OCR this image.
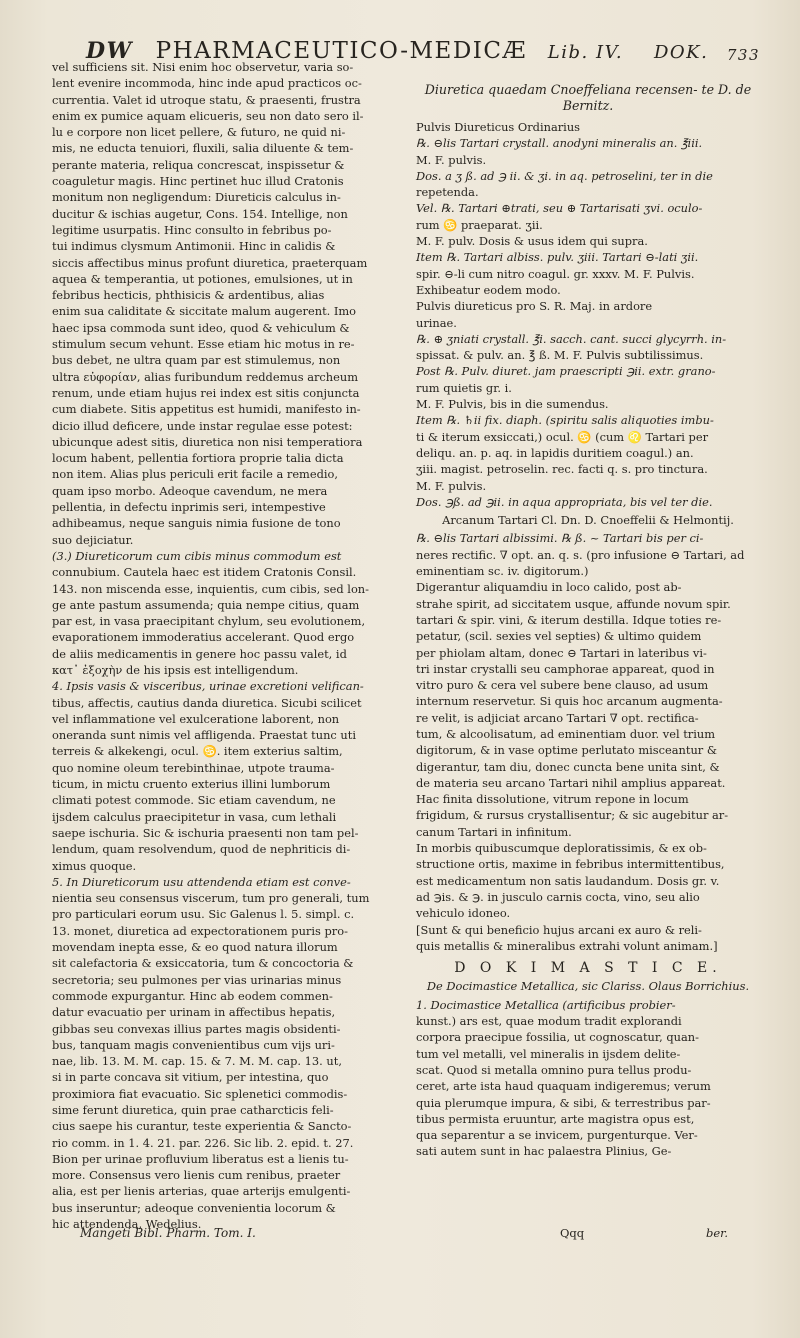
DW PHARMACEUTICO-MEDICÆ Lib. IV. DOK. 733

vel sufficiens sit. Nisi enim hoc observetur, varia so-

lent evenire incommoda, hinc inde apud practicos oc-

currentia. Valet id utroque statu, & praesenti, frustra

enim ex pumice aquam elicueris, seu non dato sero il-

lu e corpore non licet pellere, & futuro, ne quid ni-

mis, ne educta tenuiori, fluxili, salia diluente & tem-

perante materia, reliqua concrescat, inspissetur &

coaguletur magis. Hinc pertinet huc illud Cratonis

monitum non negligendum: Diureticis calculus in-

ducitur & ischias augetur, Cons. 154. Intellige, non

legitime usurpatis. Hinc consulto in febribus po-

tui indimus clysmum Antimonii. Hinc in calidis &

siccis affectibus minus profunt diuretica, praeterquam

aquea & temperantia, ut potiones, emulsiones, ut in

febribus hecticis, phthisicis & ardentibus, alias

enim sua caliditate & siccitate malum augerent. Imo

haec ipsa commoda sunt ideo, quod & vehiculum &

stimulum secum vehunt. Esse etiam hic motus in re-

bus debet, ne ultra quam par est stimulemus, non

ultra εὐφορίαν, alias furibundum reddemus archeum

renum, unde etiam hujus rei index est sitis conjuncta

cum diabete. Sitis appetitus est humidi, manifesto in-

dicio illud deficere, unde instar regulae esse potest:

ubicunque adest sitis, diuretica non nisi temperatiora

locum habent, pellentia fortiora proprie talia dicta

non item. Alias plus periculi erit facile a remedio,

quam ipso morbo. Adeoque cavendum, ne mera

pellentia, in defectu inprimis seri, intempestive

adhibeamus, neque sanguis nimia fusione de tono

suo dejiciatur.

(3.) Diureticorum cum cibis minus commodum est

connubium. Cautela haec est itidem Cratonis Consil.

143. non miscenda esse, inquientis, cum cibis, sed lon-

ge ante pastum assumenda; quia nempe citius, quam

par est, in vasa praecipitant chylum, seu evolutionem,

evaporationem immoderatius accelerant. Quod ergo

de aliis medicamentis in genere hoc passu valet, id

κατ᾽ ἐξοχὴν de his ipsis est intelligendum.

4. Ipsis vasis & visceribus, urinae excretioni velifican-

tibus, affectis, cautius danda diuretica. Sicubi scilicet

vel inflammatione vel exulceratione laborent, non

oneranda sunt nimis vel affligenda. Praestat tunc uti

terreis & alkekengi, ocul. ♋. item exterius saltim,

quo nomine oleum terebinthinae, utpote trauma-

ticum, in mictu cruento exterius illini lumborum

climati potest commode. Sic etiam cavendum, ne

ijsdem calculus praecipitetur in vasa, cum lethali

saepe ischuria. Sic & ischuria praesenti non tam pel-

lendum, quam resolvendum, quod de nephriticis di-

ximus quoque.

5. In Diureticorum usu attendenda etiam est conve-

nientia seu consensus viscerum, tum pro generali, tum

pro particulari eorum usu. Sic Galenus l. 5. simpl. c.

13. monet, diuretica ad expectorationem puris pro-

movendam inepta esse, & eo quod natura illorum

sit calefactoria & exsiccatoria, tum & concoctoria &

secretoria; seu pulmones per vias urinarias minus

commode expurgantur. Hinc ab eodem commen-

datur evacuatio per urinam in affectibus hepatis,

gibbas seu convexas illius partes magis obsidenti-

bus, tanquam magis convenientibus cum vijs uri-

nae, lib. 13. M. M. cap. 15. & 7. M. M. cap. 13. ut,

si in parte concava sit vitium, per intestina, quo

proximiora fiat evacuatio. Sic splenetici commodis-

sime ferunt diuretica, quin prae catharcticis feli-

cius saepe his curantur, teste experientia & Sancto-

rio comm. in 1. 4. 21. par. 226. Sic lib. 2. epid. t. 27.

Bion per urinae profluvium liberatus est a lienis tu-

more. Consensus vero lienis cum renibus, praeter

alia, est per lienis arterias, quae arterijs emulgenti-

bus inseruntur; adeoque convenientia locorum &

hic attendenda, Wedelius.

Mangeti Bibl. Pharm. Tom. I.
Diuretica quaedam Cnoeffeliana recensen- te D. de Bernitz.

Pulvis Diureticus Ordinarius

℞. ⊖lis Tartari crystall. anodyni mineralis an. ℥iii.

M. F. pulvis.

Dos. a ʒ ß. ad ℈ ii. & ʒi. in aq. petroselini, ter in die

repetenda.

Vel. ℞. Tartari ⊕trati, seu ⊕ Tartarisati ʒvi. oculo-

rum ♋ praeparat. ʒii.

M. F. pulv. Dosis & usus idem qui supra.

Item ℞. Tartari albiss. pulv. ʒiii. Tartari ⊖-lati ʒii.

spir. ⊖-li cum nitro coagul. gr. xxxv. M. F. Pulvis.

Exhibeatur eodem modo.

Pulvis diureticus pro S. R. Maj. in ardore

urinae.

℞. ⊕ ʒniati crystall. ℥i. sacch. cant. succi glycyrrh. in-

spissat. & pulv. an. ℥ ß. M. F. Pulvis subtilissimus.

Post ℞. Pulv. diuret. jam praescripti ℈ii. extr. grano-

rum quietis gr. i.

M. F. Pulvis, bis in die sumendus.

Item ℞. ♄ii fix. diaph. (spiritu salis aliquoties imbu-

ti & iterum exsiccati,) ocul. ♋ (cum ♌ Tartari per

deliqu. an. p. aq. in lapidis duritiem coagul.) an.

ʒiii. magist. petroselin. rec. facti q. s. pro tinctura.

M. F. pulvis.

Dos. ℈ß. ad ℈ii. in aqua appropriata, bis vel ter die.

Arcanum Tartari Cl. Dn. D. Cnoeffelii & Helmontij.

℞. ⊖lis Tartari albissimi. ℞ ß. ~ Tartari bis per ci-

neres rectific. ∇ opt. an. q. s. (pro infusione ⊖ Tartari, ad

eminentiam sc. iv. digitorum.)

Digerantur aliquamdiu in loco calido, post ab-

strahe spirit, ad siccitatem usque, affunde novum spir.

tartari & spir. vini, & iterum destilla. Idque toties re-

petatur, (scil. sexies vel septies) & ultimo quidem

per phiolam altam, donec ⊖ Tartari in lateribus vi-

tri instar crystalli seu camphorae appareat, quod in

vitro puro & cera vel subere bene clauso, ad usum

internum reservetur. Si quis hoc arcanum augmenta-

re velit, is adjiciat arcano Tartari ∇ opt. rectifica-

tum, & alcoolisatum, ad eminentiam duor. vel trium

digitorum, & in vase optime perlutato misceantur &

digerantur, tam diu, donec cuncta bene unita sint, &

de materia seu arcano Tartari nihil amplius appareat.

Hac finita dissolutione, vitrum repone in locum

frigidum, & rursus crystallisentur; & sic augebitur ar-

canum Tartari in infinitum.

In morbis quibuscumque deploratissimis, & ex ob-

structione ortis, maxime in febribus intermittentibus,

est medicamentum non satis laudandum. Dosis gr. v.

ad ℈is. & ℈. in jusculo carnis cocta, vino, seu alio

vehiculo idoneo.

[Sunt & qui beneficio hujus arcani ex auro & reli-

quis metallis & mineralibus extrahi volunt animam.]

D O K I M A S T I C E.
De Docimastice Metallica, sic Clariss. Olaus Borrichius.

1. Docimastice Metallica (artificibus probier-

kunst.) ars est, quae modum tradit explorandi

corpora praecipue fossilia, ut cognoscatur, quan-

tum vel metalli, vel mineralis in ijsdem delite-

scat. Quod si metalla omnino pura tellus produ-

ceret, arte ista haud quaquam indigeremus; verum

quia plerumque impura, & sibi, & terrestribus par-

tibus permista eruuntur, arte magistra opus est,

qua separentur a se invicem, purgenturque. Ver-

sati autem sunt in hac palaestra Plinius, Ge-

Qqq	ber.
